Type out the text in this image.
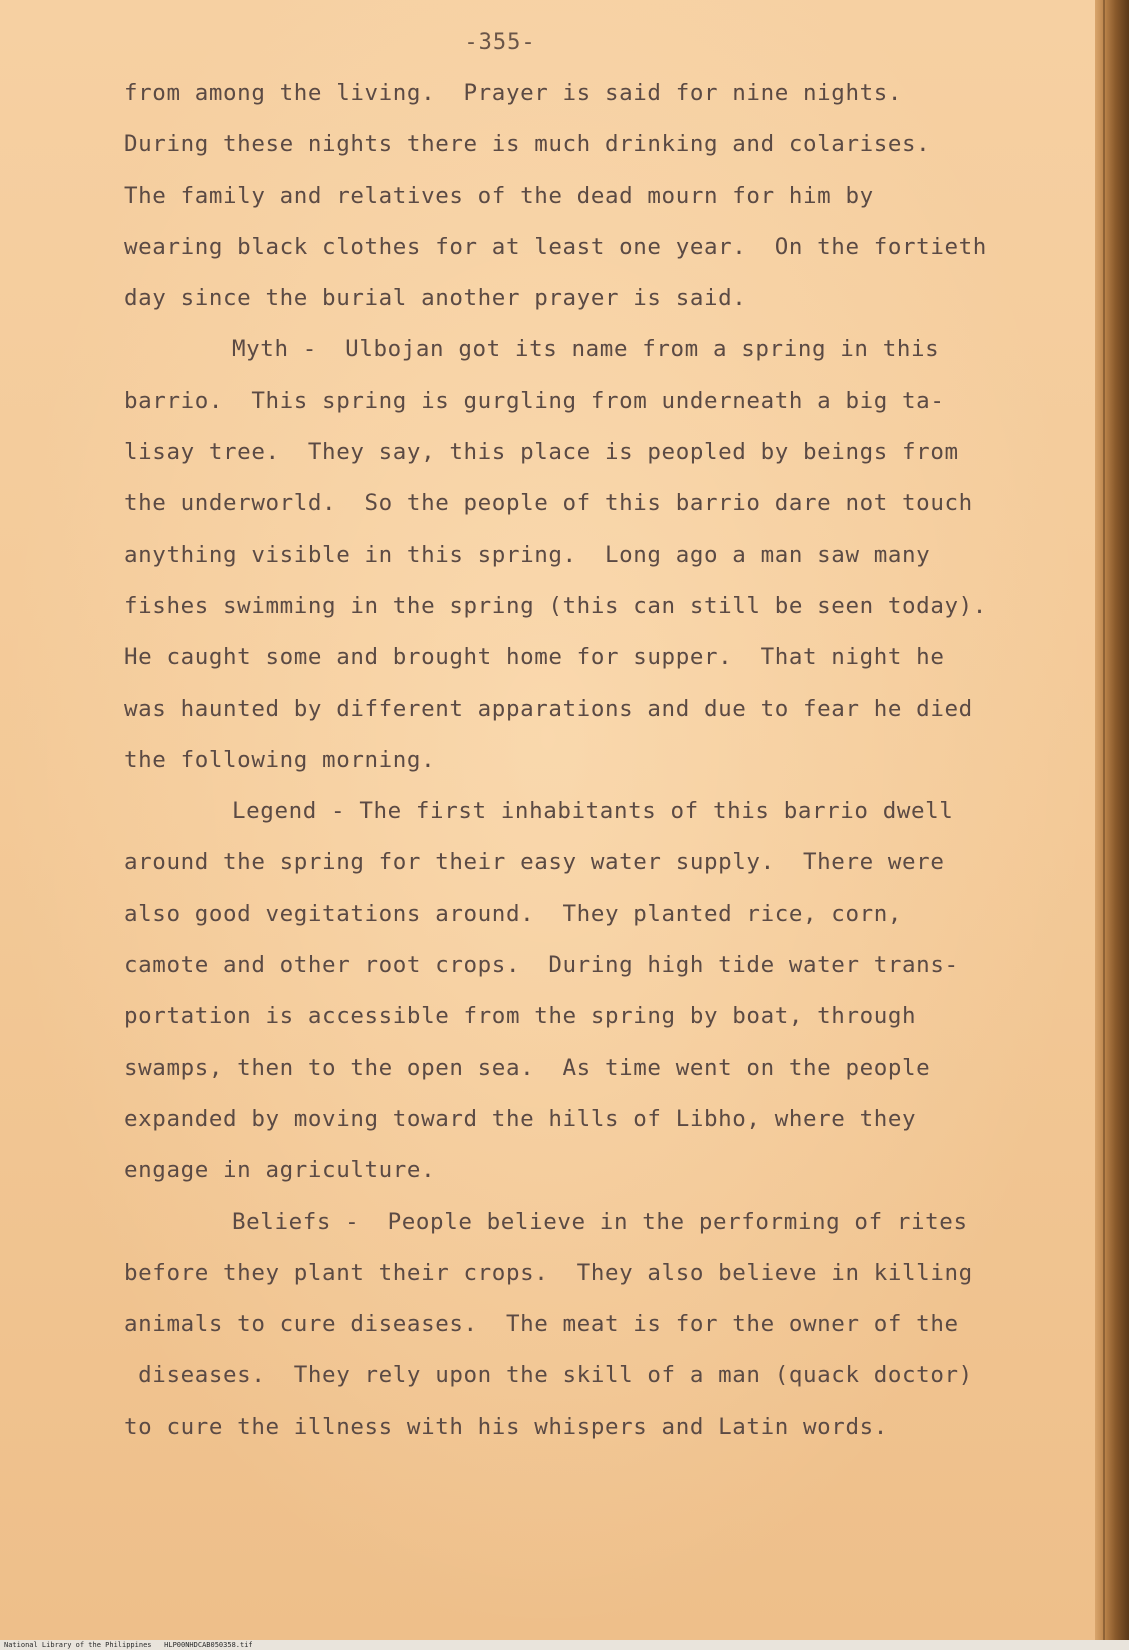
-355-
from among the living.  Prayer is said for nine nights.
During these nights there is much drinking and colarises.
The family and relatives of the dead mourn for him by
wearing black clothes for at least one year.  On the fortieth
day since the burial another prayer is said.
Myth -  Ulbojan got its name from a spring in this
barrio.  This spring is gurgling from underneath a big ta-
lisay tree.  They say, this place is peopled by beings from
the underworld.  So the people of this barrio dare not touch
anything visible in this spring.  Long ago a man saw many
fishes swimming in the spring (this can still be seen today).
He caught some and brought home for supper.  That night he
was haunted by different apparations and due to fear he died
the following morning.
Legend - The first inhabitants of this barrio dwell
around the spring for their easy water supply.  There were
also good vegitations around.  They planted rice, corn,
camote and other root crops.  During high tide water trans-
portation is accessible from the spring by boat, through
swamps, then to the open sea.  As time went on the people
expanded by moving toward the hills of Libho, where they
engage in agriculture.
Beliefs -  People believe in the performing of rites
before they plant their crops.  They also believe in killing
animals to cure diseases.  The meat is for the owner of the
diseases.  They rely upon the skill of a man (quack doctor)
to cure the illness with his whispers and Latin words.
National Library of the Philippines   HLP00NHDCAB050358.tif
